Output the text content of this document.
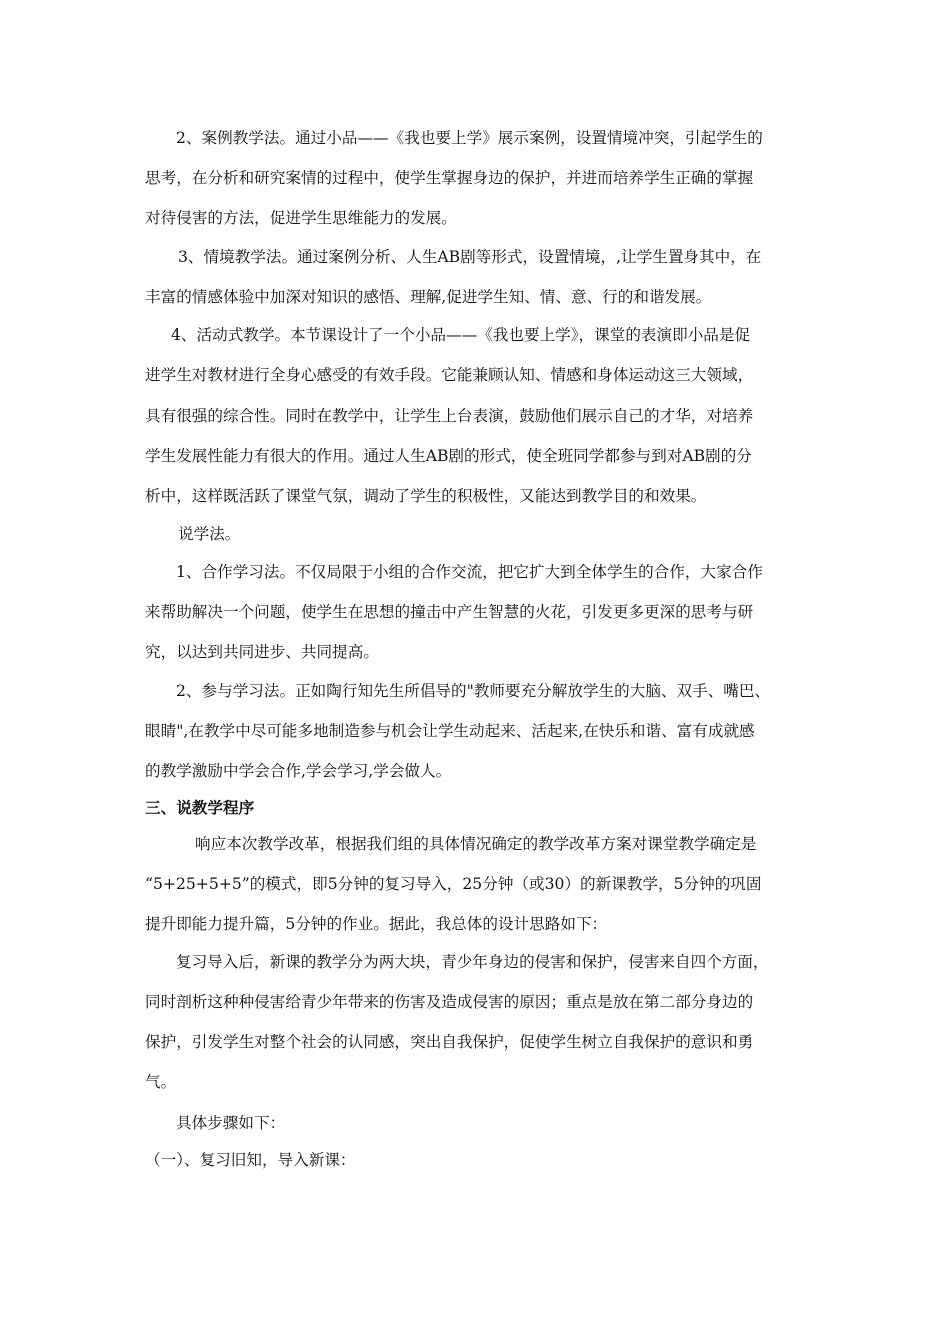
2、案例教学法。通过小品——《我也要上学》展示案例，设置情境冲突，引起学生的
思考，在分析和研究案情的过程中，使学生掌握身边的保护，并进而培养学生正确的掌握
对待侵害的方法，促进学生思维能力的发展。
3、情境教学法。通过案例分析、人生AB剧等形式，设置情境，,让学生置身其中，在
丰富的情感体验中加深对知识的感悟、理解,促进学生知、情、意、行的和谐发展。
4、活动式教学。本节课设计了一个小品——《我也要上学》，课堂的表演即小品是促
进学生对教材进行全身心感受的有效手段。它能兼顾认知、情感和身体运动这三大领域，
具有很强的综合性。同时在教学中，让学生上台表演，鼓励他们展示自己的才华，对培养
学生发展性能力有很大的作用。通过人生AB剧的形式，使全班同学都参与到对AB剧的分
析中，这样既活跃了课堂气氛，调动了学生的积极性，又能达到教学目的和效果。
说学法。
1、合作学习法。不仅局限于小组的合作交流，把它扩大到全体学生的合作，大家合作
来帮助解决一个问题，使学生在思想的撞击中产生智慧的火花，引发更多更深的思考与研
究，以达到共同进步、共同提高。
2、参与学习法。正如陶行知先生所倡导的"教师要充分解放学生的大脑、双手、嘴巴、
眼睛",在教学中尽可能多地制造参与机会让学生动起来、活起来,在快乐和谐、富有成就感
的教学激励中学会合作,学会学习,学会做人。
三、说教学程序
响应本次教学改革，根据我们组的具体情况确定的教学改革方案对课堂教学确定是
“5+25+5+5”的模式，即5分钟的复习导入，25分钟（或30）的新课教学，5分钟的巩固
提升即能力提升篇，5分钟的作业。据此，我总体的设计思路如下：
复习导入后，新课的教学分为两大块，青少年身边的侵害和保护，侵害来自四个方面，
同时剖析这种种侵害给青少年带来的伤害及造成侵害的原因；重点是放在第二部分身边的
保护，引发学生对整个社会的认同感，突出自我保护，促使学生树立自我保护的意识和勇
气。
具体步骤如下：
（一）、复习旧知，导入新课：
